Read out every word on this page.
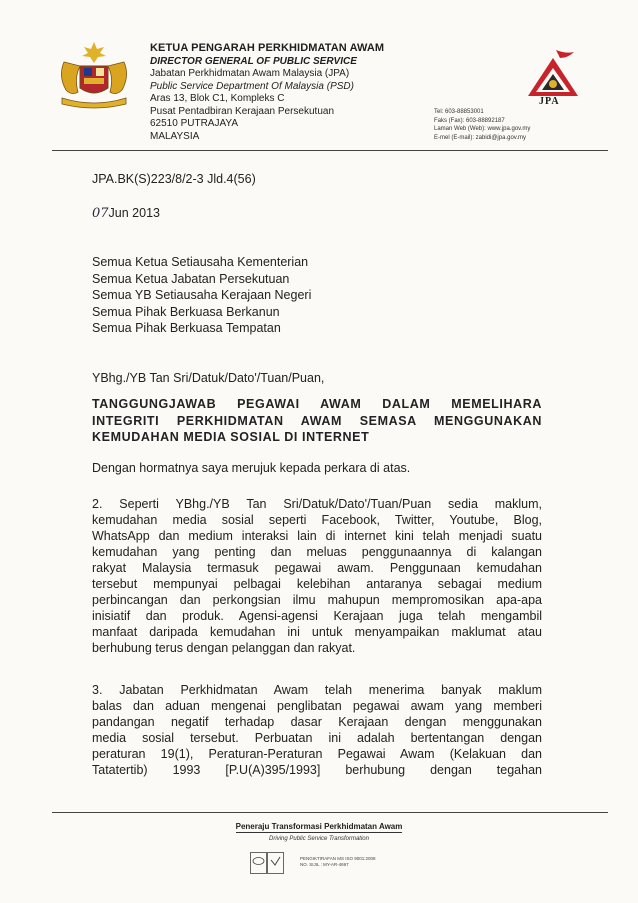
KETUA PENGARAH PERKHIDMATAN AWAM
DIRECTOR GENERAL OF PUBLIC SERVICE
Jabatan Perkhidmatan Awam Malaysia (JPA)
Public Service Department Of Malaysia (PSD)
Aras 13, Blok C1, Kompleks C
Pusat Pentadbiran Kerajaan Persekutuan
62510 PUTRAJAYA
MALAYSIA
JPA
Tel: 603-88853001
Faks (Fax): 603-88892187
Laman Web (Web): www.jpa.gov.my
E-mel (E-mail): zabidi@jpa.gov.my
JPA.BK(S)223/8/2-3 Jld.4(56)
07Jun 2013
Semua Ketua Setiausaha Kementerian
Semua Ketua Jabatan Persekutuan
Semua YB Setiausaha Kerajaan Negeri
Semua Pihak Berkuasa Berkanun
Semua Pihak Berkuasa Tempatan
YBhg./YB Tan Sri/Datuk/Dato'/Tuan/Puan,
TANGGUNGJAWAB PEGAWAI AWAM DALAM MEMELIHARA
INTEGRITI PERKHIDMATAN AWAM SEMASA MENGGUNAKAN
KEMUDAHAN MEDIA SOSIAL DI INTERNET
Dengan hormatnya saya merujuk kepada perkara di atas.
2. Seperti YBhg./YB Tan Sri/Datuk/Dato'/Tuan/Puan sedia maklum,
kemudahan media sosial seperti Facebook, Twitter, Youtube, Blog,
WhatsApp dan medium interaksi lain di internet kini telah menjadi suatu
kemudahan yang penting dan meluas penggunaannya di kalangan
rakyat Malaysia termasuk pegawai awam. Penggunaan kemudahan
tersebut mempunyai pelbagai kelebihan antaranya sebagai medium
perbincangan dan perkongsian ilmu mahupun mempromosikan apa-apa
inisiatif dan produk. Agensi-agensi Kerajaan juga telah mengambil
manfaat daripada kemudahan ini untuk menyampaikan maklumat atau
berhubung terus dengan pelanggan dan rakyat.
3. Jabatan Perkhidmatan Awam telah menerima banyak maklum
balas dan aduan mengenai penglibatan pegawai awam yang memberi
pandangan negatif terhadap dasar Kerajaan dengan menggunakan
media sosial tersebut. Perbuatan ini adalah bertentangan dengan
peraturan 19(1), Peraturan-Peraturan Pegawai Awam (Kelakuan dan
Tatatertib) 1993 [P.U(A)395/1993] berhubung dengan tegahan
Peneraju Transformasi Perkhidmatan Awam
Driving Public Service Transformation
PENGIKTIRAFAN MS ISO 9001:2008
NO. SIJIL : MY-AR-4697
